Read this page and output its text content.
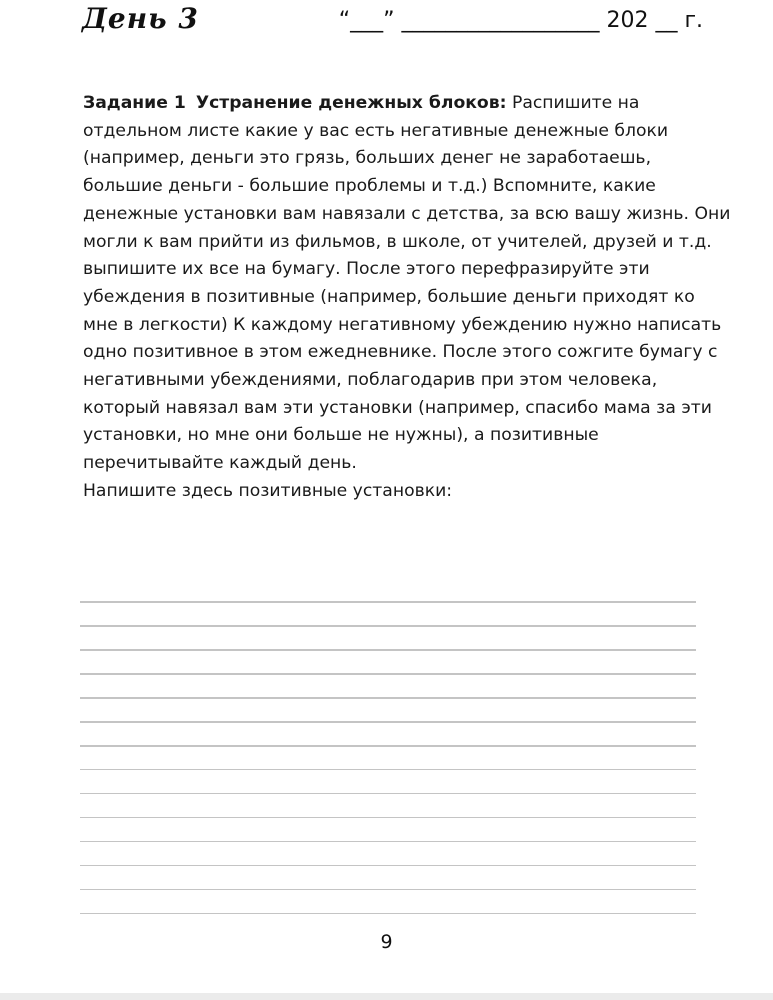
День 3	“___” __________________ 202 __ г.
Задание 1 Устранение денежных блоков: Распишите на отдельном листе какие у вас есть негативные денежные блоки (например, деньги это грязь, больших денег не заработаешь, большие деньги - большие проблемы и т.д.) Вспомните, какие денежные установки вам навязали с детства, за всю вашу жизнь. Они могли к вам прийти из фильмов, в школе, от учителей, друзей и т.д. выпишите их все на бумагу. После этого перефразируйте эти убеждения в позитивные (например, большие деньги приходят ко мне в легкости) К каждому негативному убеждению нужно написать одно позитивное в этом ежедневнике. После этого сожгите бумагу с негативными убеждениями, поблагодарив при этом человека, который навязал вам эти установки (например, спасибо мама за эти установки, но мне они больше не нужны), а позитивные перечитывайте каждый день.
Напишите здесь позитивные установки:
9
